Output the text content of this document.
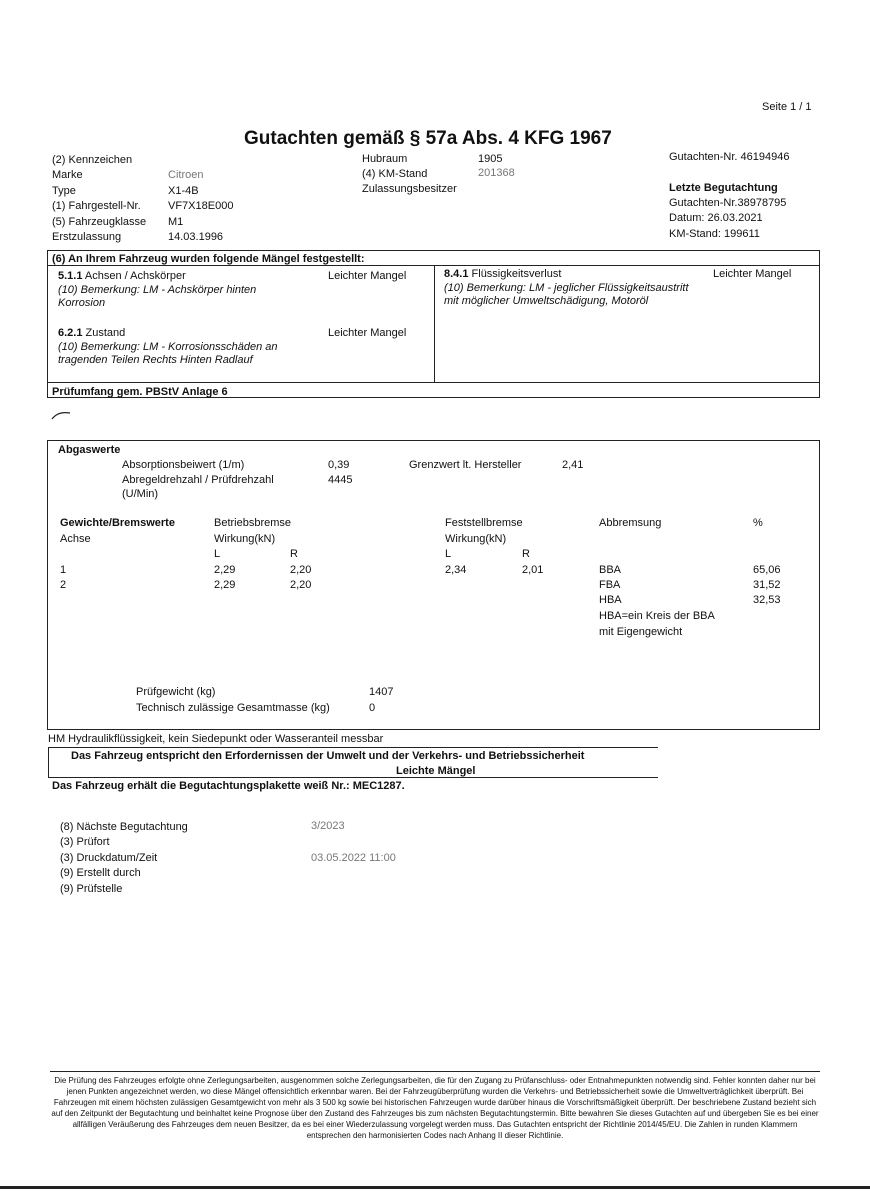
Seite 1 / 1
Gutachten gemäß § 57a Abs. 4 KFG 1967
(2) Kennzeichen
Marke	Citroen
Type	X1-4B
(1) Fahrgestell-Nr. VF7X18E000
(5) Fahrzeugklasse M1
Erstzulassung	14.03.1996
Hubraum	1905
(4) KM-Stand	201368
Zulassungsbesitzer
Gutachten-Nr. 46194946
Letzte Begutachtung
Gutachten-Nr.38978795
Datum: 26.03.2021
KM-Stand: 199611
(6) An Ihrem Fahrzeug wurden folgende Mängel festgestellt:
5.1.1 Achsen / Achskörper	Leichter Mangel
(10) Bemerkung: LM - Achskörper hinten
Korrosion
6.2.1 Zustand	Leichter Mangel
(10) Bemerkung: LM - Korrosionsschäden an
tragenden Teilen Rechts Hinten Radlauf
8.4.1 Flüssigkeitsverlust	Leichter Mangel
(10) Bemerkung: LM - jeglicher Flüssigkeitsaustritt
mit möglicher Umweltschädigung, Motoröl
Prüfumfang gem. PBStV Anlage 6
Abgaswerte
Absorptionsbeiwert (1/m)	0,39	Grenzwert lt. Hersteller	2,41
Abregeldrehzahl / Prüfdrehzahl
(U/Min)
4445
Gewichte/Bremswerte
Achse
Betriebsbremse
Wirkung(kN)
L	R
Feststellbremse
Wirkung(kN)
L	R
Abbremsung	%
1	2,29	2,20	2,34	2,01
2	2,29	2,20
BBA	65,06
FBA	31,52
HBA	32,53
HBA=ein Kreis der BBA
mit Eigengewicht
Prüfgewicht (kg)	1407
Technisch zulässige Gesamtmasse (kg)	0
HM Hydraulikflüssigkeit, kein Siedepunkt oder Wasseranteil messbar
Das Fahrzeug entspricht den Erfordernissen der Umwelt und der Verkehrs- und Betriebssicherheit
Leichte Mängel
Das Fahrzeug erhält die Begutachtungsplakette weiß Nr.: MEC1287.
(8) Nächste Begutachtung	3/2023
(3) Prüfort
(3) Druckdatum/Zeit	03.05.2022 11:00
(9) Erstellt durch
(9) Prüfstelle
Die Prüfung des Fahrzeuges erfolgte ohne Zerlegungsarbeiten, ausgenommen solche Zerlegungsarbeiten, die für den Zugang zu Prüfanschluss- oder Entnahmepunkten notwendig sind. Fehler konnten daher nur bei jenen Punkten angezeichnet werden, wo diese Mängel offensichtlich erkennbar waren. Bei der Fahrzeugüberprüfung wurden die Verkehrs- und Betriebssicherheit sowie die Umweltverträglichkeit überprüft. Bei Fahrzeugen mit einem höchsten zulässigen Gesamtgewicht von mehr als 3 500 kg sowie bei historischen Fahrzeugen wurde darüber hinaus die Vorschriftsmäßigkeit überprüft. Der beschriebene Zustand bezieht sich auf den Zeitpunkt der Begutachtung und beinhaltet keine Prognose über den Zustand des Fahrzeuges bis zum nächsten Begutachtungstermin. Bitte bewahren Sie dieses Gutachten auf und übergeben Sie es bei einer allfälligen Veräußerung des Fahrzeuges dem neuen Besitzer, da es bei einer Wiederzulassung vorgelegt werden muss. Das Gutachten entspricht der Richtlinie 2014/45/EU. Die Zahlen in runden Klammern entsprechen den harmonisierten Codes nach Anhang II dieser Richtlinie.
